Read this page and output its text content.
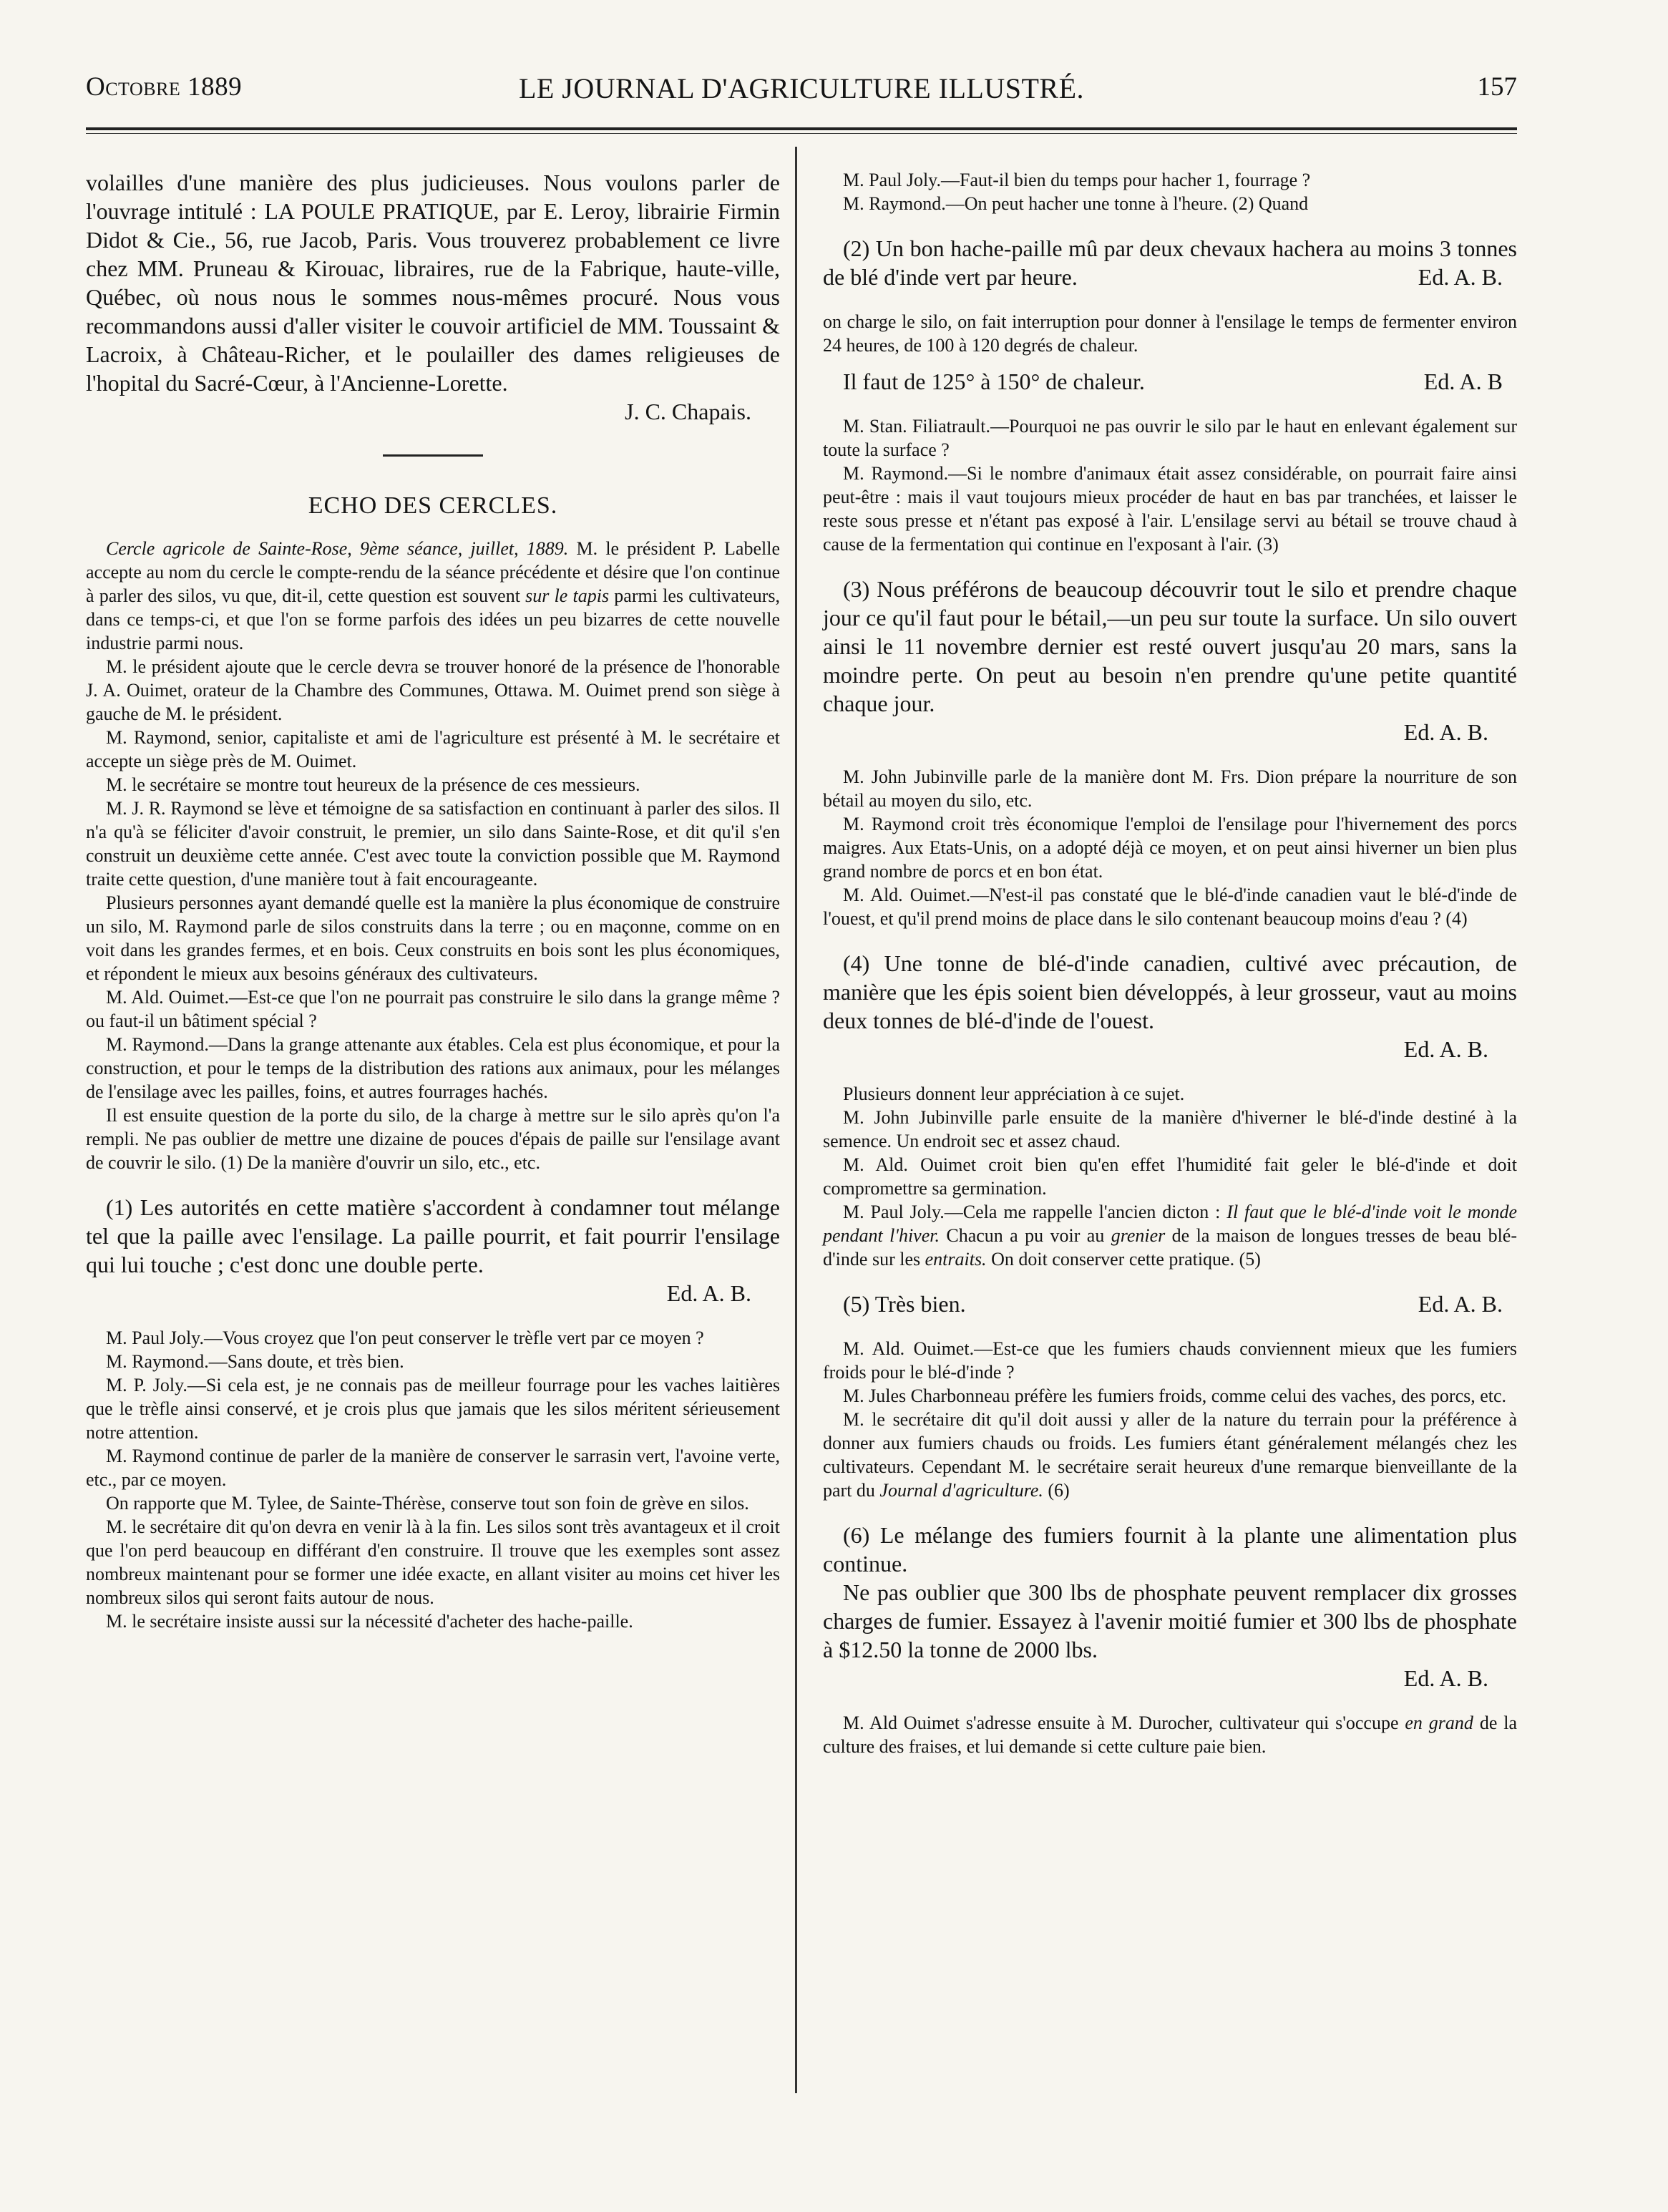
Octobre 1889	LE JOURNAL D'AGRICULTURE ILLUSTRÉ.	157

volailles d'une manière des plus judicieuses. Nous voulons parler de l'ouvrage intitulé : LA POULE PRATIQUE, par E. Leroy, librairie Firmin Didot & Cie., 56, rue Jacob, Paris. Vous trouverez probablement ce livre chez MM. Pruneau & Kirouac, libraires, rue de la Fabrique, haute-ville, Québec, où nous nous le sommes nous-mêmes procuré. Nous vous recommandons aussi d'aller visiter le couvoir artificiel de MM. Toussaint & Lacroix, à Château-Richer, et le poulailler des dames religieuses de l'hopital du Sacré-Cœur, à l'Ancienne-Lorette.

J. C. Chapais.

ECHO DES CERCLES.

Cercle agricole de Sainte-Rose, 9ème séance, juillet, 1889. M. le président P. Labelle accepte au nom du cercle le compte-rendu de la séance précédente et désire que l'on continue à parler des silos, vu que, dit-il, cette question est souvent sur le tapis parmi les cultivateurs, dans ce temps-ci, et que l'on se forme parfois des idées un peu bizarres de cette nouvelle industrie parmi nous.

M. le président ajoute que le cercle devra se trouver honoré de la présence de l'honorable J. A. Ouimet, orateur de la Chambre des Communes, Ottawa. M. Ouimet prend son siège à gauche de M. le président.

M. Raymond, senior, capitaliste et ami de l'agriculture est présenté à M. le secrétaire et accepte un siège près de M. Ouimet.

M. le secrétaire se montre tout heureux de la présence de ces messieurs.

M. J. R. Raymond se lève et témoigne de sa satisfaction en continuant à parler des silos. Il n'a qu'à se féliciter d'avoir construit, le premier, un silo dans Sainte-Rose, et dit qu'il s'en construit un deuxième cette année. C'est avec toute la conviction possible que M. Raymond traite cette question, d'une manière tout à fait encourageante.

Plusieurs personnes ayant demandé quelle est la manière la plus économique de construire un silo, M. Raymond parle de silos construits dans la terre ; ou en maçonne, comme on en voit dans les grandes fermes, et en bois. Ceux construits en bois sont les plus économiques, et répondent le mieux aux besoins généraux des cultivateurs.

M. Ald. Ouimet.—Est-ce que l'on ne pourrait pas construire le silo dans la grange même ? ou faut-il un bâtiment spécial ?

M. Raymond.—Dans la grange attenante aux étables. Cela est plus économique, et pour la construction, et pour le temps de la distribution des rations aux animaux, pour les mélanges de l'ensilage avec les pailles, foins, et autres fourrages hachés.

Il est ensuite question de la porte du silo, de la charge à mettre sur le silo après qu'on l'a rempli. Ne pas oublier de mettre une dizaine de pouces d'épais de paille sur l'ensilage avant de couvrir le silo. (1) De la manière d'ouvrir un silo, etc., etc.

(1) Les autorités en cette matière s'accordent à condamner tout mélange tel que la paille avec l'ensilage. La paille pourrit, et fait pourrir l'ensilage qui lui touche ; c'est donc une double perte.

Ed. A. B.

M. Paul Joly.—Vous croyez que l'on peut conserver le trèfle vert par ce moyen ?

M. Raymond.—Sans doute, et très bien.

M. P. Joly.—Si cela est, je ne connais pas de meilleur fourrage pour les vaches laitières que le trèfle ainsi conservé, et je crois plus que jamais que les silos méritent sérieusement notre attention.

M. Raymond continue de parler de la manière de conserver le sarrasin vert, l'avoine verte, etc., par ce moyen.

On rapporte que M. Tylee, de Sainte-Thérèse, conserve tout son foin de grève en silos.

M. le secrétaire dit qu'on devra en venir là à la fin. Les silos sont très avantageux et il croit que l'on perd beaucoup en différant d'en construire. Il trouve que les exemples sont assez nombreux maintenant pour se former une idée exacte, en allant visiter au moins cet hiver les nombreux silos qui seront faits autour de nous.

M. le secrétaire insiste aussi sur la nécessité d'acheter des hache-paille.

M. Paul Joly.—Faut-il bien du temps pour hacher 1, fourrage ?

M. Raymond.—On peut hacher une tonne à l'heure. (2) Quand

(2) Un bon hache-paille mû par deux chevaux hachera au moins 3 tonnes de blé d'inde vert par heure.	Ed. A. B.

on charge le silo, on fait interruption pour donner à l'ensilage le temps de fermenter environ 24 heures, de 100 à 120 degrés de chaleur.

Il faut de 125° à 150° de chaleur.	Ed. A. B

M. Stan. Filiatrault.—Pourquoi ne pas ouvrir le silo par le haut en enlevant également sur toute la surface ?

M. Raymond.—Si le nombre d'animaux était assez considérable, on pourrait faire ainsi peut-être : mais il vaut toujours mieux procéder de haut en bas par tranchées, et laisser le reste sous presse et n'étant pas exposé à l'air. L'ensilage servi au bétail se trouve chaud à cause de la fermentation qui continue en l'exposant à l'air. (3)

(3) Nous préférons de beaucoup découvrir tout le silo et prendre chaque jour ce qu'il faut pour le bétail,—un peu sur toute la surface. Un silo ouvert ainsi le 11 novembre dernier est resté ouvert jusqu'au 20 mars, sans la moindre perte. On peut au besoin n'en prendre qu'une petite quantité chaque jour.

Ed. A. B.

M. John Jubinville parle de la manière dont M. Frs. Dion prépare la nourriture de son bétail au moyen du silo, etc.

M. Raymond croit très économique l'emploi de l'ensilage pour l'hivernement des porcs maigres. Aux Etats-Unis, on a adopté déjà ce moyen, et on peut ainsi hiverner un bien plus grand nombre de porcs et en bon état.

M. Ald. Ouimet.—N'est-il pas constaté que le blé-d'inde canadien vaut le blé-d'inde de l'ouest, et qu'il prend moins de place dans le silo contenant beaucoup moins d'eau ? (4)

(4) Une tonne de blé-d'inde canadien, cultivé avec précaution, de manière que les épis soient bien développés, à leur grosseur, vaut au moins deux tonnes de blé-d'inde de l'ouest.

Ed. A. B.

Plusieurs donnent leur appréciation à ce sujet.

M. John Jubinville parle ensuite de la manière d'hiverner le blé-d'inde destiné à la semence. Un endroit sec et assez chaud.

M. Ald. Ouimet croit bien qu'en effet l'humidité fait geler le blé-d'inde et doit compromettre sa germination.

M. Paul Joly.—Cela me rappelle l'ancien dicton : Il faut que le blé-d'inde voit le monde pendant l'hiver. Chacun a pu voir au grenier de la maison de longues tresses de beau blé-d'inde sur les entraits. On doit conserver cette pratique. (5)

(5) Très bien.	Ed. A. B.

M. Ald. Ouimet.—Est-ce que les fumiers chauds conviennent mieux que les fumiers froids pour le blé-d'inde ?

M. Jules Charbonneau préfère les fumiers froids, comme celui des vaches, des porcs, etc.

M. le secrétaire dit qu'il doit aussi y aller de la nature du terrain pour la préférence à donner aux fumiers chauds ou froids. Les fumiers étant généralement mélangés chez les cultivateurs. Cependant M. le secrétaire serait heureux d'une remarque bienveillante de la part du Journal d'agriculture. (6)

(6) Le mélange des fumiers fournit à la plante une alimentation plus continue.

Ne pas oublier que 300 lbs de phosphate peuvent remplacer dix grosses charges de fumier. Essayez à l'avenir moitié fumier et 300 lbs de phosphate à $12.50 la tonne de 2000 lbs.

Ed. A. B.

M. Ald Ouimet s'adresse ensuite à M. Durocher, cultivateur qui s'occupe en grand de la culture des fraises, et lui demande si cette culture paie bien.
